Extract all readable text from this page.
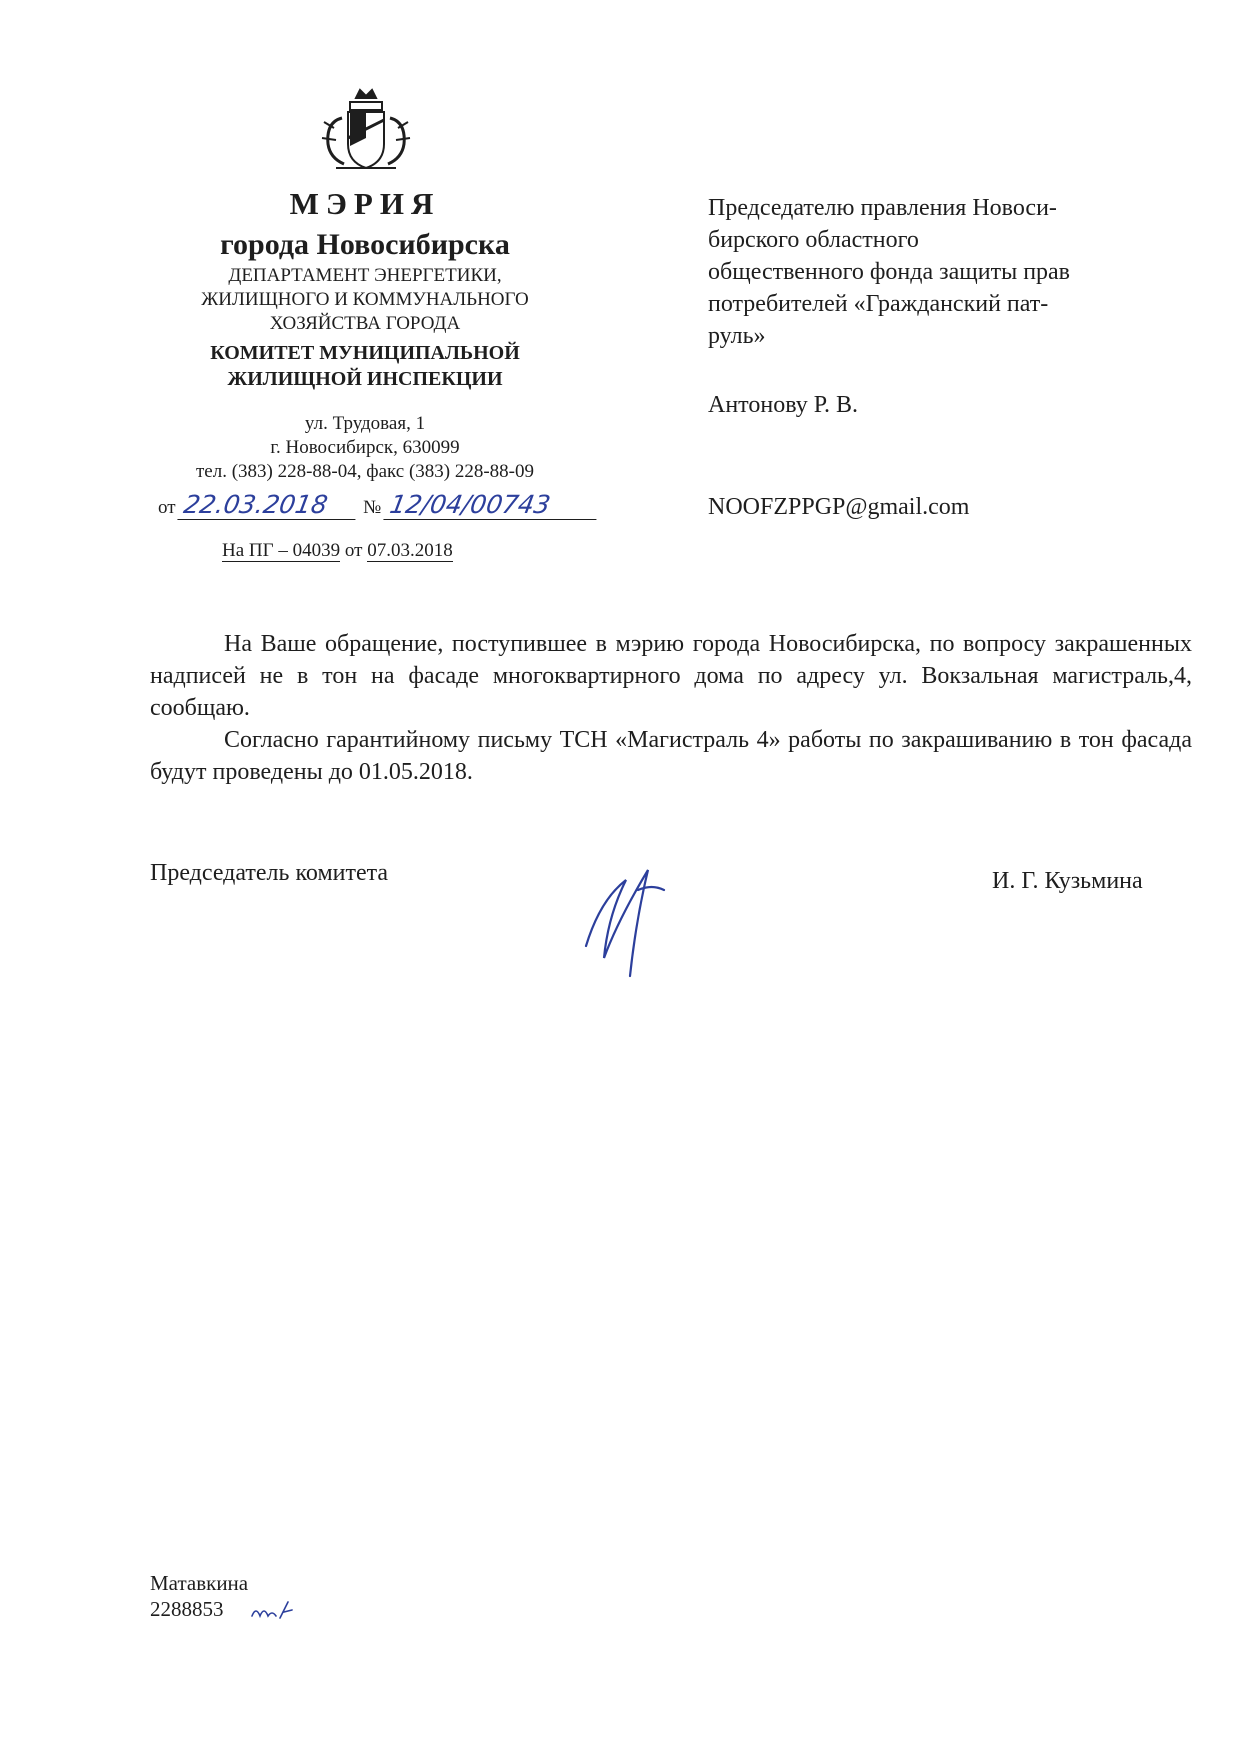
МЭРИЯ
города Новосибирска
ДЕПАРТАМЕНТ ЭНЕРГЕТИКИ,
ЖИЛИЩНОГО И КОММУНАЛЬНОГО
ХОЗЯЙСТВА ГОРОДА
КОМИТЕТ МУНИЦИПАЛЬНОЙ
ЖИЛИЩНОЙ ИНСПЕКЦИИ
ул. Трудовая, 1
г. Новосибирск, 630099
тел. (383) 228-88-04, факс (383) 228-88-09
от 22.03.2018 № 12/04/00743
На ПГ – 04039 от 07.03.2018
Председателю правления Новоси-
бирского областного
общественного фонда защиты прав
потребителей «Гражданский пат-
руль»
Антонову Р. В.
NOOFZPPGP@gmail.com

На Ваше обращение, поступившее в мэрию города Новосибирска, по вопросу закрашенных надписей не в тон на фасаде многоквартирного дома по адресу ул. Вокзальная магистраль,4, сообщаю.

Согласно гарантийному письму ТСН «Магистраль 4» работы по закрашиванию в тон фасада будут проведены до 01.05.2018.

Председатель комитета	И. Г. Кузьмина
Матавкина
2288853
